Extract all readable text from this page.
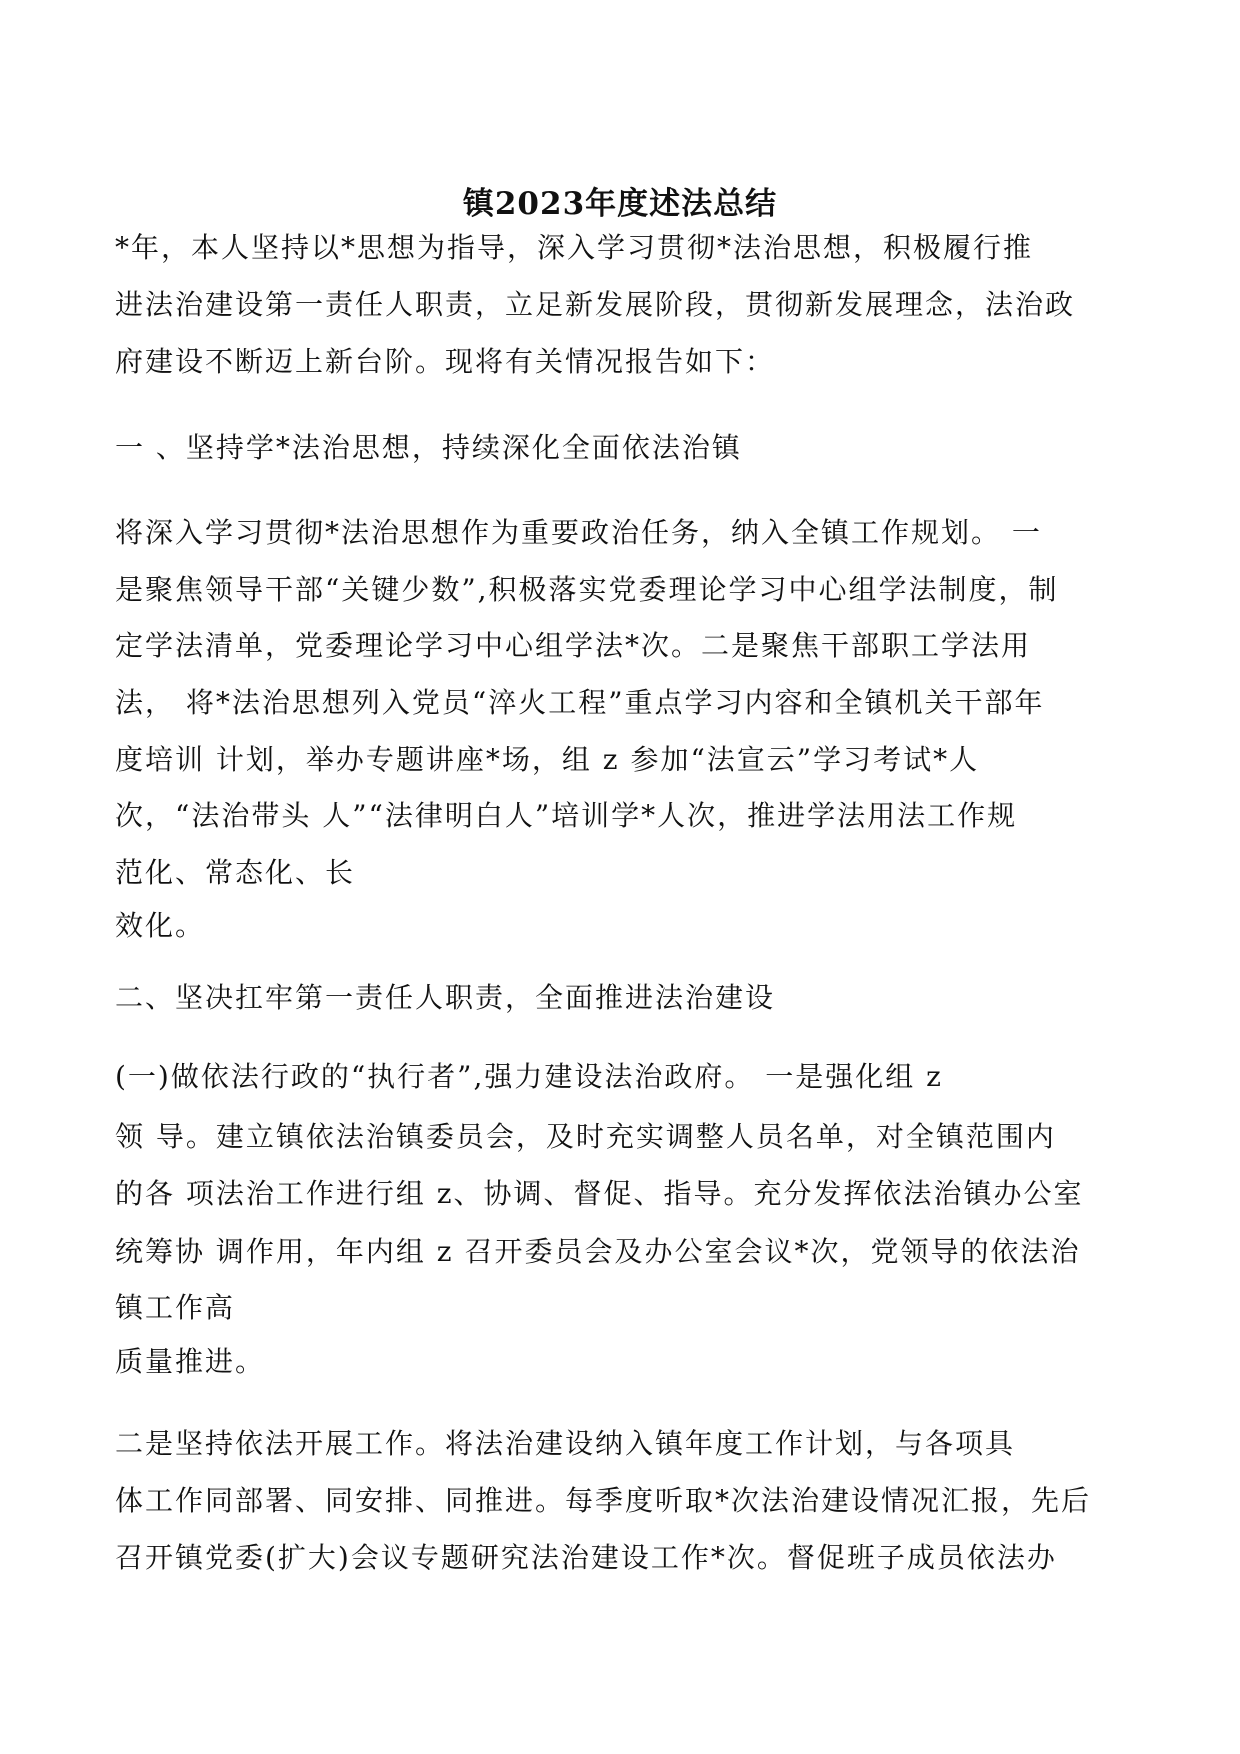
镇2023年度述法总结

*年，本人坚持以*思想为指导，深入学习贯彻*法治思想，积极履行推

进法治建设第一责任人职责，立足新发展阶段，贯彻新发展理念，法治政

府建设不断迈上新台阶。现将有关情况报告如下：

一 、坚持学*法治思想，持续深化全面依法治镇

将深入学习贯彻*法治思想作为重要政治任务，纳入全镇工作规划。 一

是聚焦领导干部“关键少数”,积极落实党委理论学习中心组学法制度，制

定学法清单，党委理论学习中心组学法*次。二是聚焦干部职工学法用

法， 将*法治思想列入党员“淬火工程”重点学习内容和全镇机关干部年

度培训 计划，举办专题讲座*场，组 z 参加“法宣云”学习考试*人

次，“法治带头 人”“法律明白人”培训学*人次，推进学法用法工作规

范化、常态化、长

效化。

二、坚决扛牢第一责任人职责，全面推进法治建设

(一)做依法行政的“执行者”,强力建设法治政府。 一是强化组 z

领 导。建立镇依法治镇委员会，及时充实调整人员名单，对全镇范围内

的各 项法治工作进行组 z、协调、督促、指导。充分发挥依法治镇办公室

统筹协 调作用，年内组 z 召开委员会及办公室会议*次，党领导的依法治

镇工作高

质量推进。

二是坚持依法开展工作。将法治建设纳入镇年度工作计划，与各项具

体工作同部署、同安排、同推进。每季度听取*次法治建设情况汇报，先后

召开镇党委(扩大)会议专题研究法治建设工作*次。督促班子成员依法办
